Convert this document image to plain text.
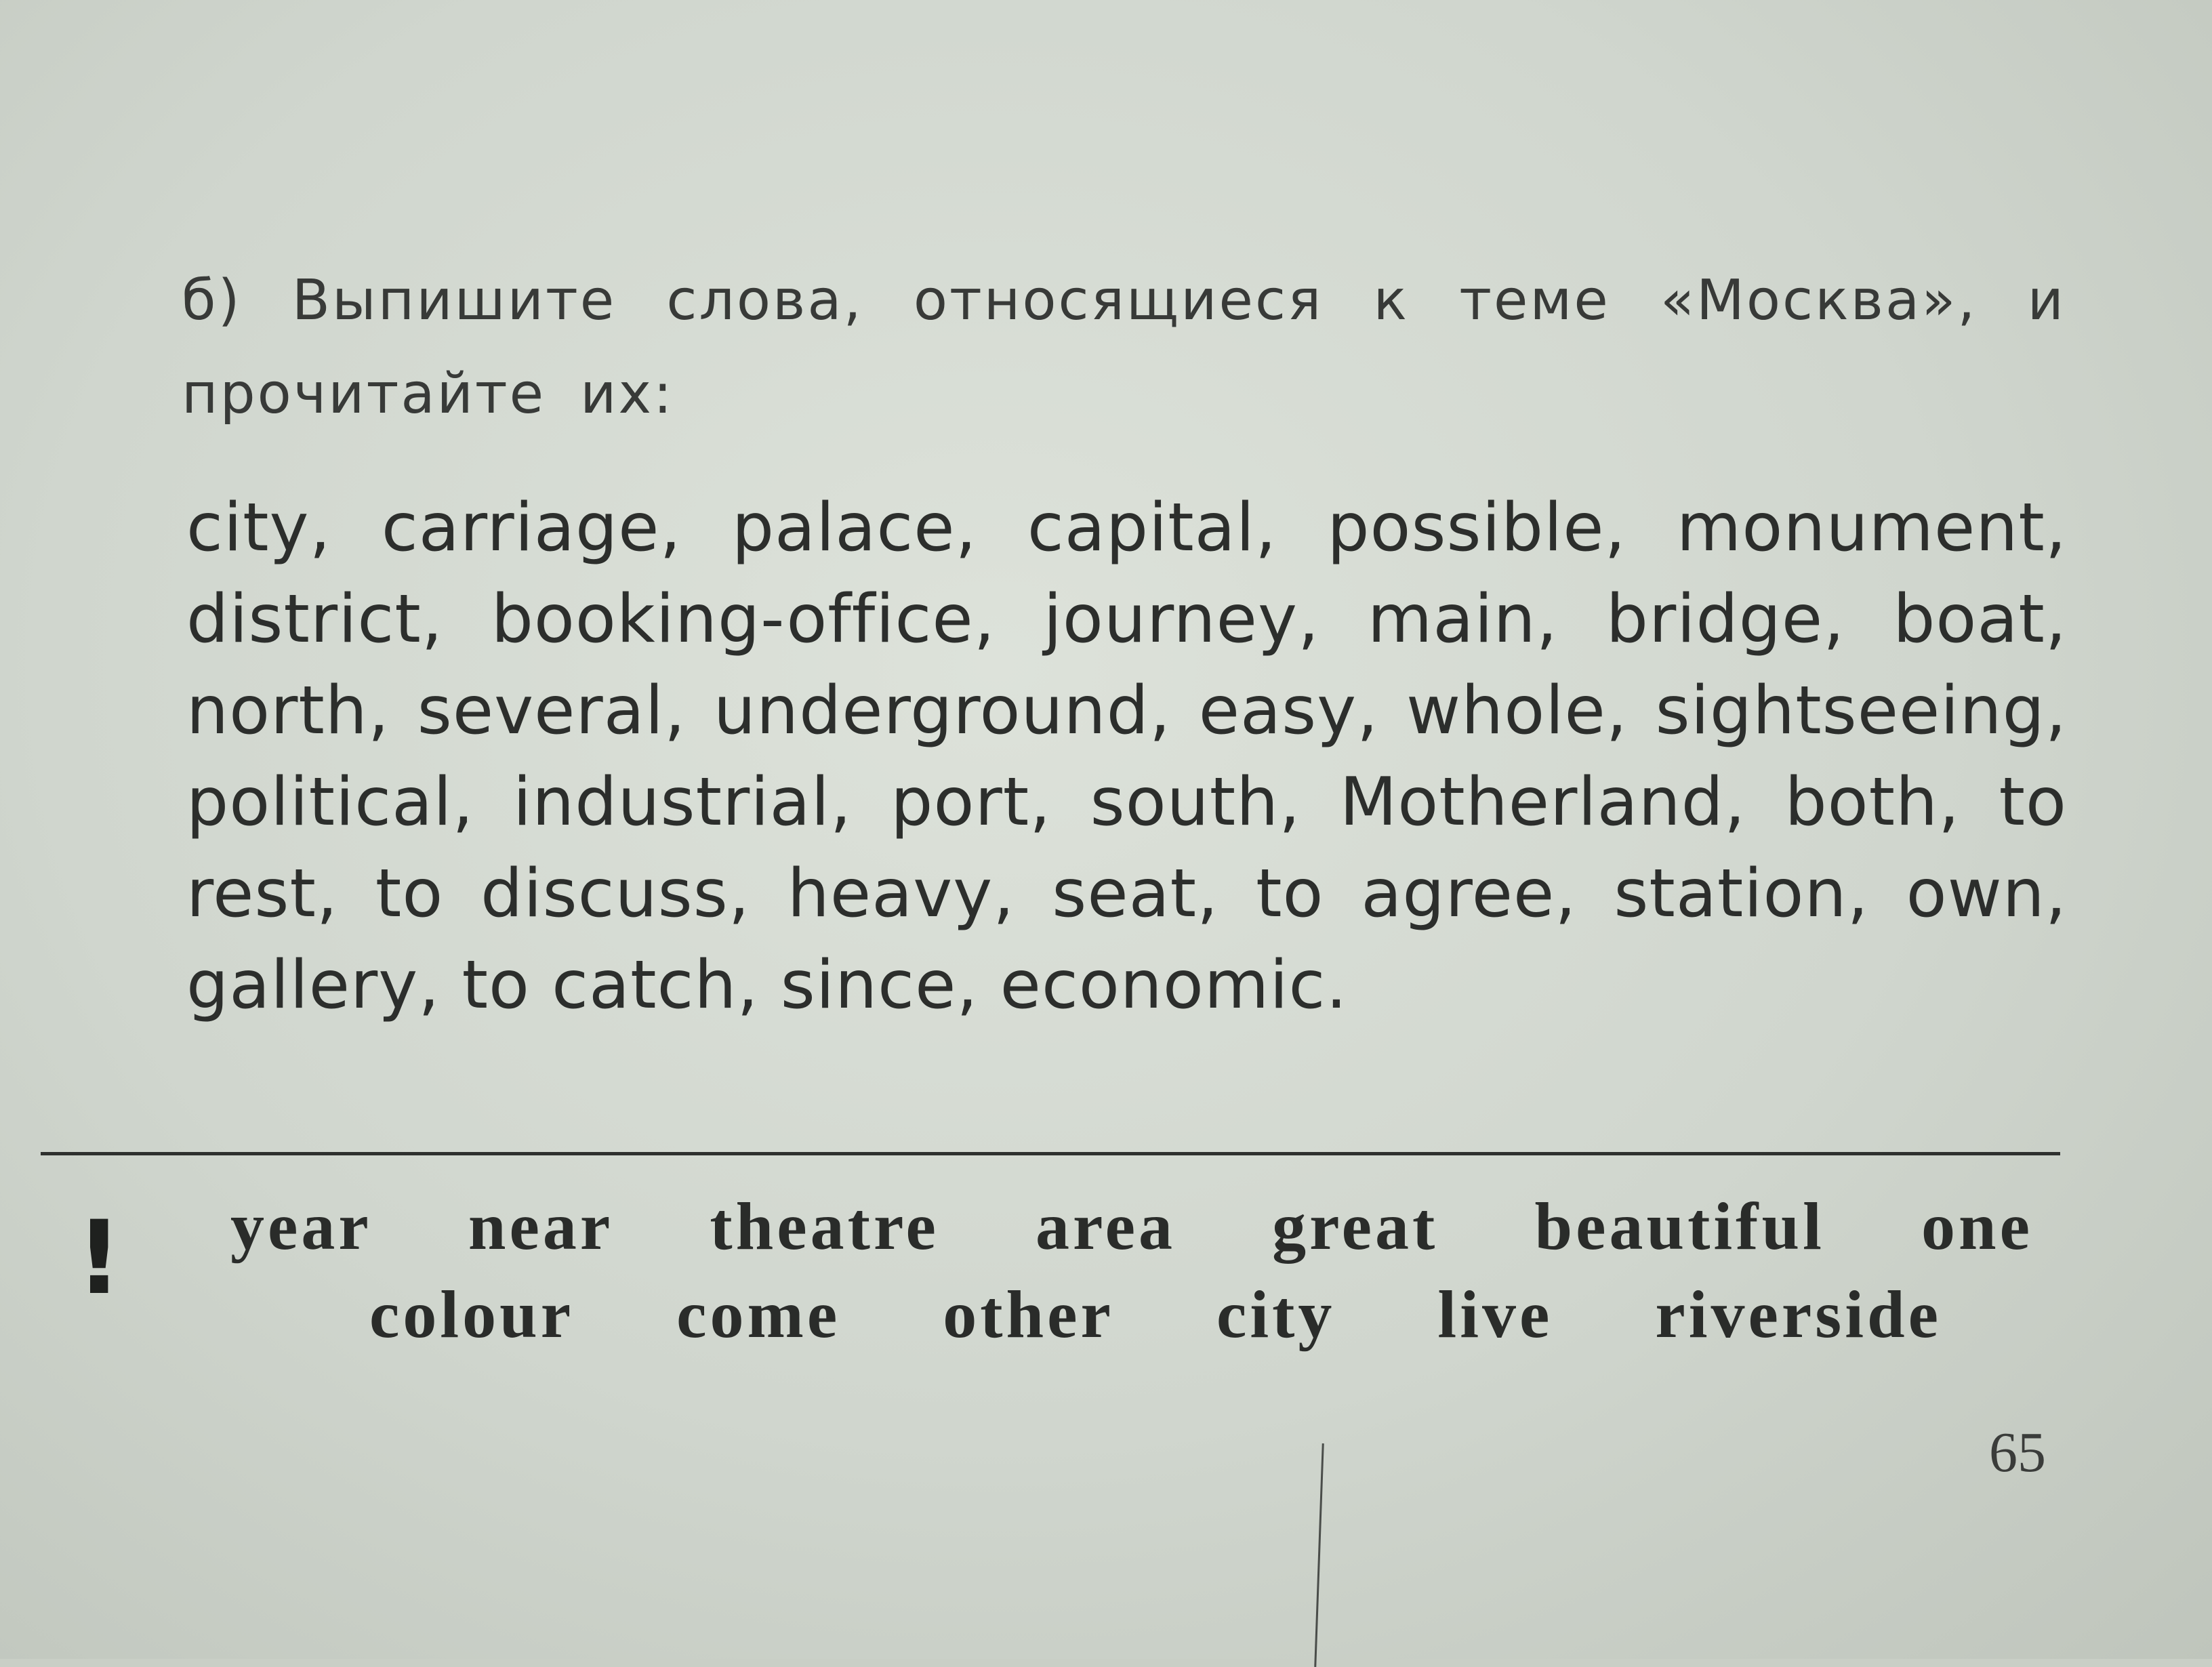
б) Выпишите слова, относящиеся к теме «Москва», и
прочитайте их:
city, carriage, palace, capital, possible, monument, district, booking-office, journey, main, bridge, boat, north, several, underground, easy, whole, sightseeing, political, industrial, port, south, Motherland, both, to rest, to discuss, heavy, seat, to agree, station, own, gallery, to catch, since, economic.
! year near theatre area great beautiful one
colour come other city live riverside
65
